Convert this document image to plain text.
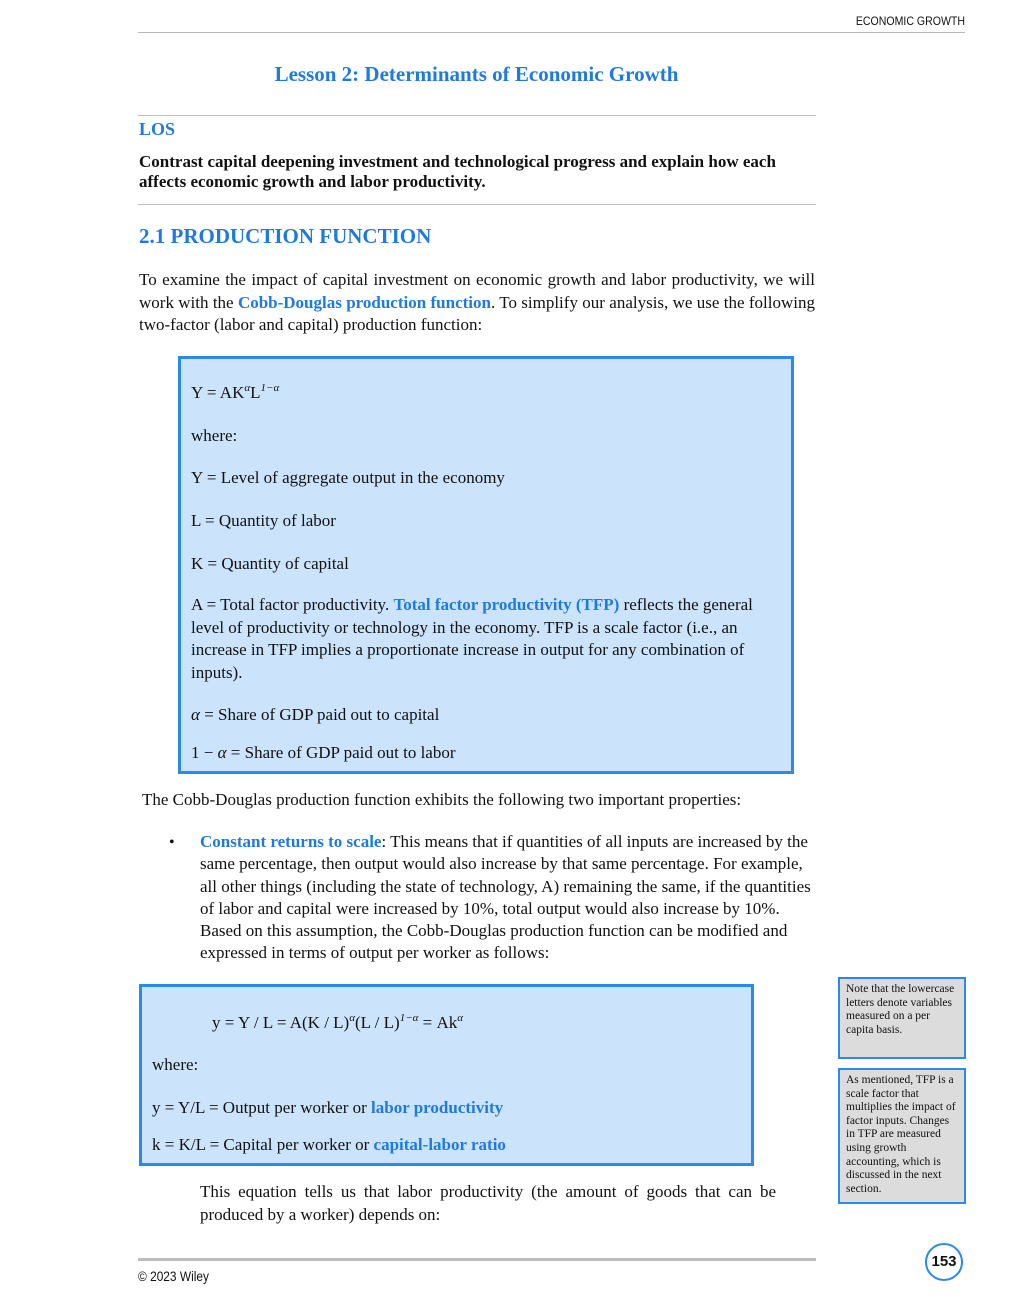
ECONOMIC GROWTH
Lesson 2: Determinants of Economic Growth
LOS
Contrast capital deepening investment and technological progress and explain how each affects economic growth and labor productivity.
2.1 PRODUCTION FUNCTION
To examine the impact of capital investment on economic growth and labor productivity, we will work with the Cobb-Douglas production function. To simplify our analysis, we use the following two-factor (labor and capital) production function:
$Y = AK^\alpha L^{1-\alpha}$
where:
Y = Level of aggregate output in the economy
L = Quantity of labor
K = Quantity of capital
A = Total factor productivity. Total factor productivity (TFP) reflects the general level of productivity or technology in the economy. TFP is a scale factor (i.e., an increase in TFP implies a proportionate increase in output for any combination of inputs).
α = Share of GDP paid out to capital
1 − α = Share of GDP paid out to labor
The Cobb-Douglas production function exhibits the following two important properties:
• Constant returns to scale: This means that if quantities of all inputs are increased by the same percentage, then output would also increase by that same percentage. For example, all other things (including the state of technology, A) remaining the same, if the quantities of labor and capital were increased by 10%, total output would also increase by 10%. Based on this assumption, the Cobb-Douglas production function can be modified and expressed in terms of output per worker as follows:
$y = Y / L = A(K / L)^\alpha(L / L)^{1-\alpha} = Ak^\alpha$
where:
y = Y/L = Output per worker or labor productivity
k = K/L = Capital per worker or capital-labor ratio
This equation tells us that labor productivity (the amount of goods that can be produced by a worker) depends on:
Note that the lowercase letters denote variables measured on a per capita basis.
As mentioned, TFP is a scale factor that multiplies the impact of factor inputs. Changes in TFP are measured using growth accounting, which is discussed in the next section.
© 2023 Wiley
153
